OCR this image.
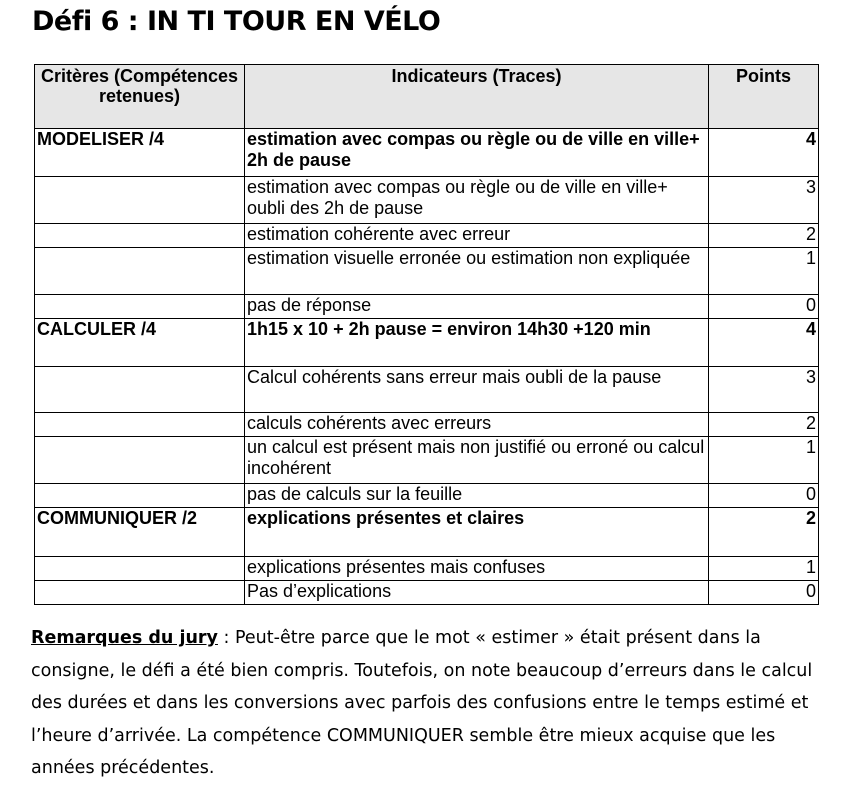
Défi 6 : IN TI TOUR EN VÉLO
Critères (Compétences retenues)	Indicateurs (Traces)	Points
MODELISER /4	estimation avec compas ou règle ou de ville en ville+ 2h de pause	4
	estimation avec compas ou règle ou de ville en ville+ oubli des 2h de pause	3
	estimation cohérente avec erreur	2
	estimation visuelle erronée ou estimation non expliquée	1
	pas de réponse	0
CALCULER /4	1h15 x 10 + 2h pause = environ 14h30 +120 min	4
	Calcul cohérents sans erreur mais oubli de la pause	3
	calculs cohérents avec erreurs	2
	un calcul est présent mais non justifié ou erroné ou calcul incohérent	1
	pas de calculs sur la feuille	0
COMMUNIQUER /2	explications présentes et claires	2
	explications présentes mais confuses	1
	Pas d’explications	0
Remarques du jury : Peut-être parce que le mot « estimer » était présent dans la consigne, le défi a été bien compris. Toutefois, on note beaucoup d’erreurs dans le calcul des durées et dans les conversions avec parfois des confusions entre le temps estimé et l’heure d’arrivée. La compétence COMMUNIQUER semble être mieux acquise que les années précédentes.
